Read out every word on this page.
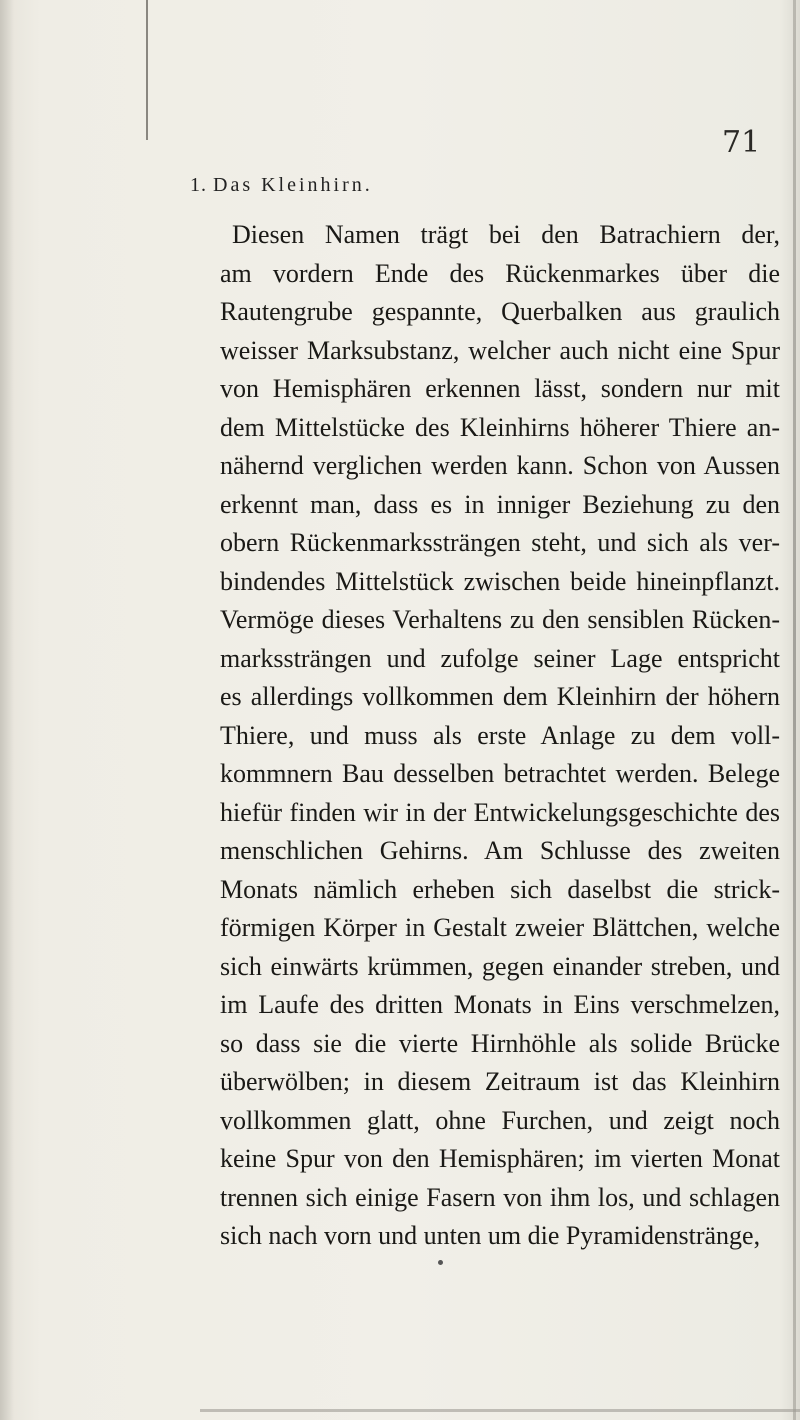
71
1. Das Kleinhirn.
Diesen Namen trägt bei den Batrachiern der,
am vordern Ende des Rückenmarkes über die
Rautengrube gespannte, Querbalken aus graulich
weisser Marksubstanz, welcher auch nicht eine Spur
von Hemisphären erkennen lässt, sondern nur mit
dem Mittelstücke des Kleinhirns höherer Thiere an-
nähernd verglichen werden kann. Schon von Aussen
erkennt man, dass es in inniger Beziehung zu den
obern Rückenmarkssträngen steht, und sich als ver-
bindendes Mittelstück zwischen beide hineinpflanzt.
Vermöge dieses Verhaltens zu den sensiblen Rücken-
markssträngen und zufolge seiner Lage entspricht
es allerdings vollkommen dem Kleinhirn der höhern
Thiere, und muss als erste Anlage zu dem voll-
kommnern Bau desselben betrachtet werden. Belege
hiefür finden wir in der Entwickelungsgeschichte des
menschlichen Gehirns. Am Schlusse des zweiten
Monats nämlich erheben sich daselbst die strick-
förmigen Körper in Gestalt zweier Blättchen, welche
sich einwärts krümmen, gegen einander streben, und
im Laufe des dritten Monats in Eins verschmelzen,
so dass sie die vierte Hirnhöhle als solide Brücke
überwölben; in diesem Zeitraum ist das Kleinhirn
vollkommen glatt, ohne Furchen, und zeigt noch
keine Spur von den Hemisphären; im vierten Monat
trennen sich einige Fasern von ihm los, und schlagen
sich nach vorn und unten um die Pyramidenstränge,
